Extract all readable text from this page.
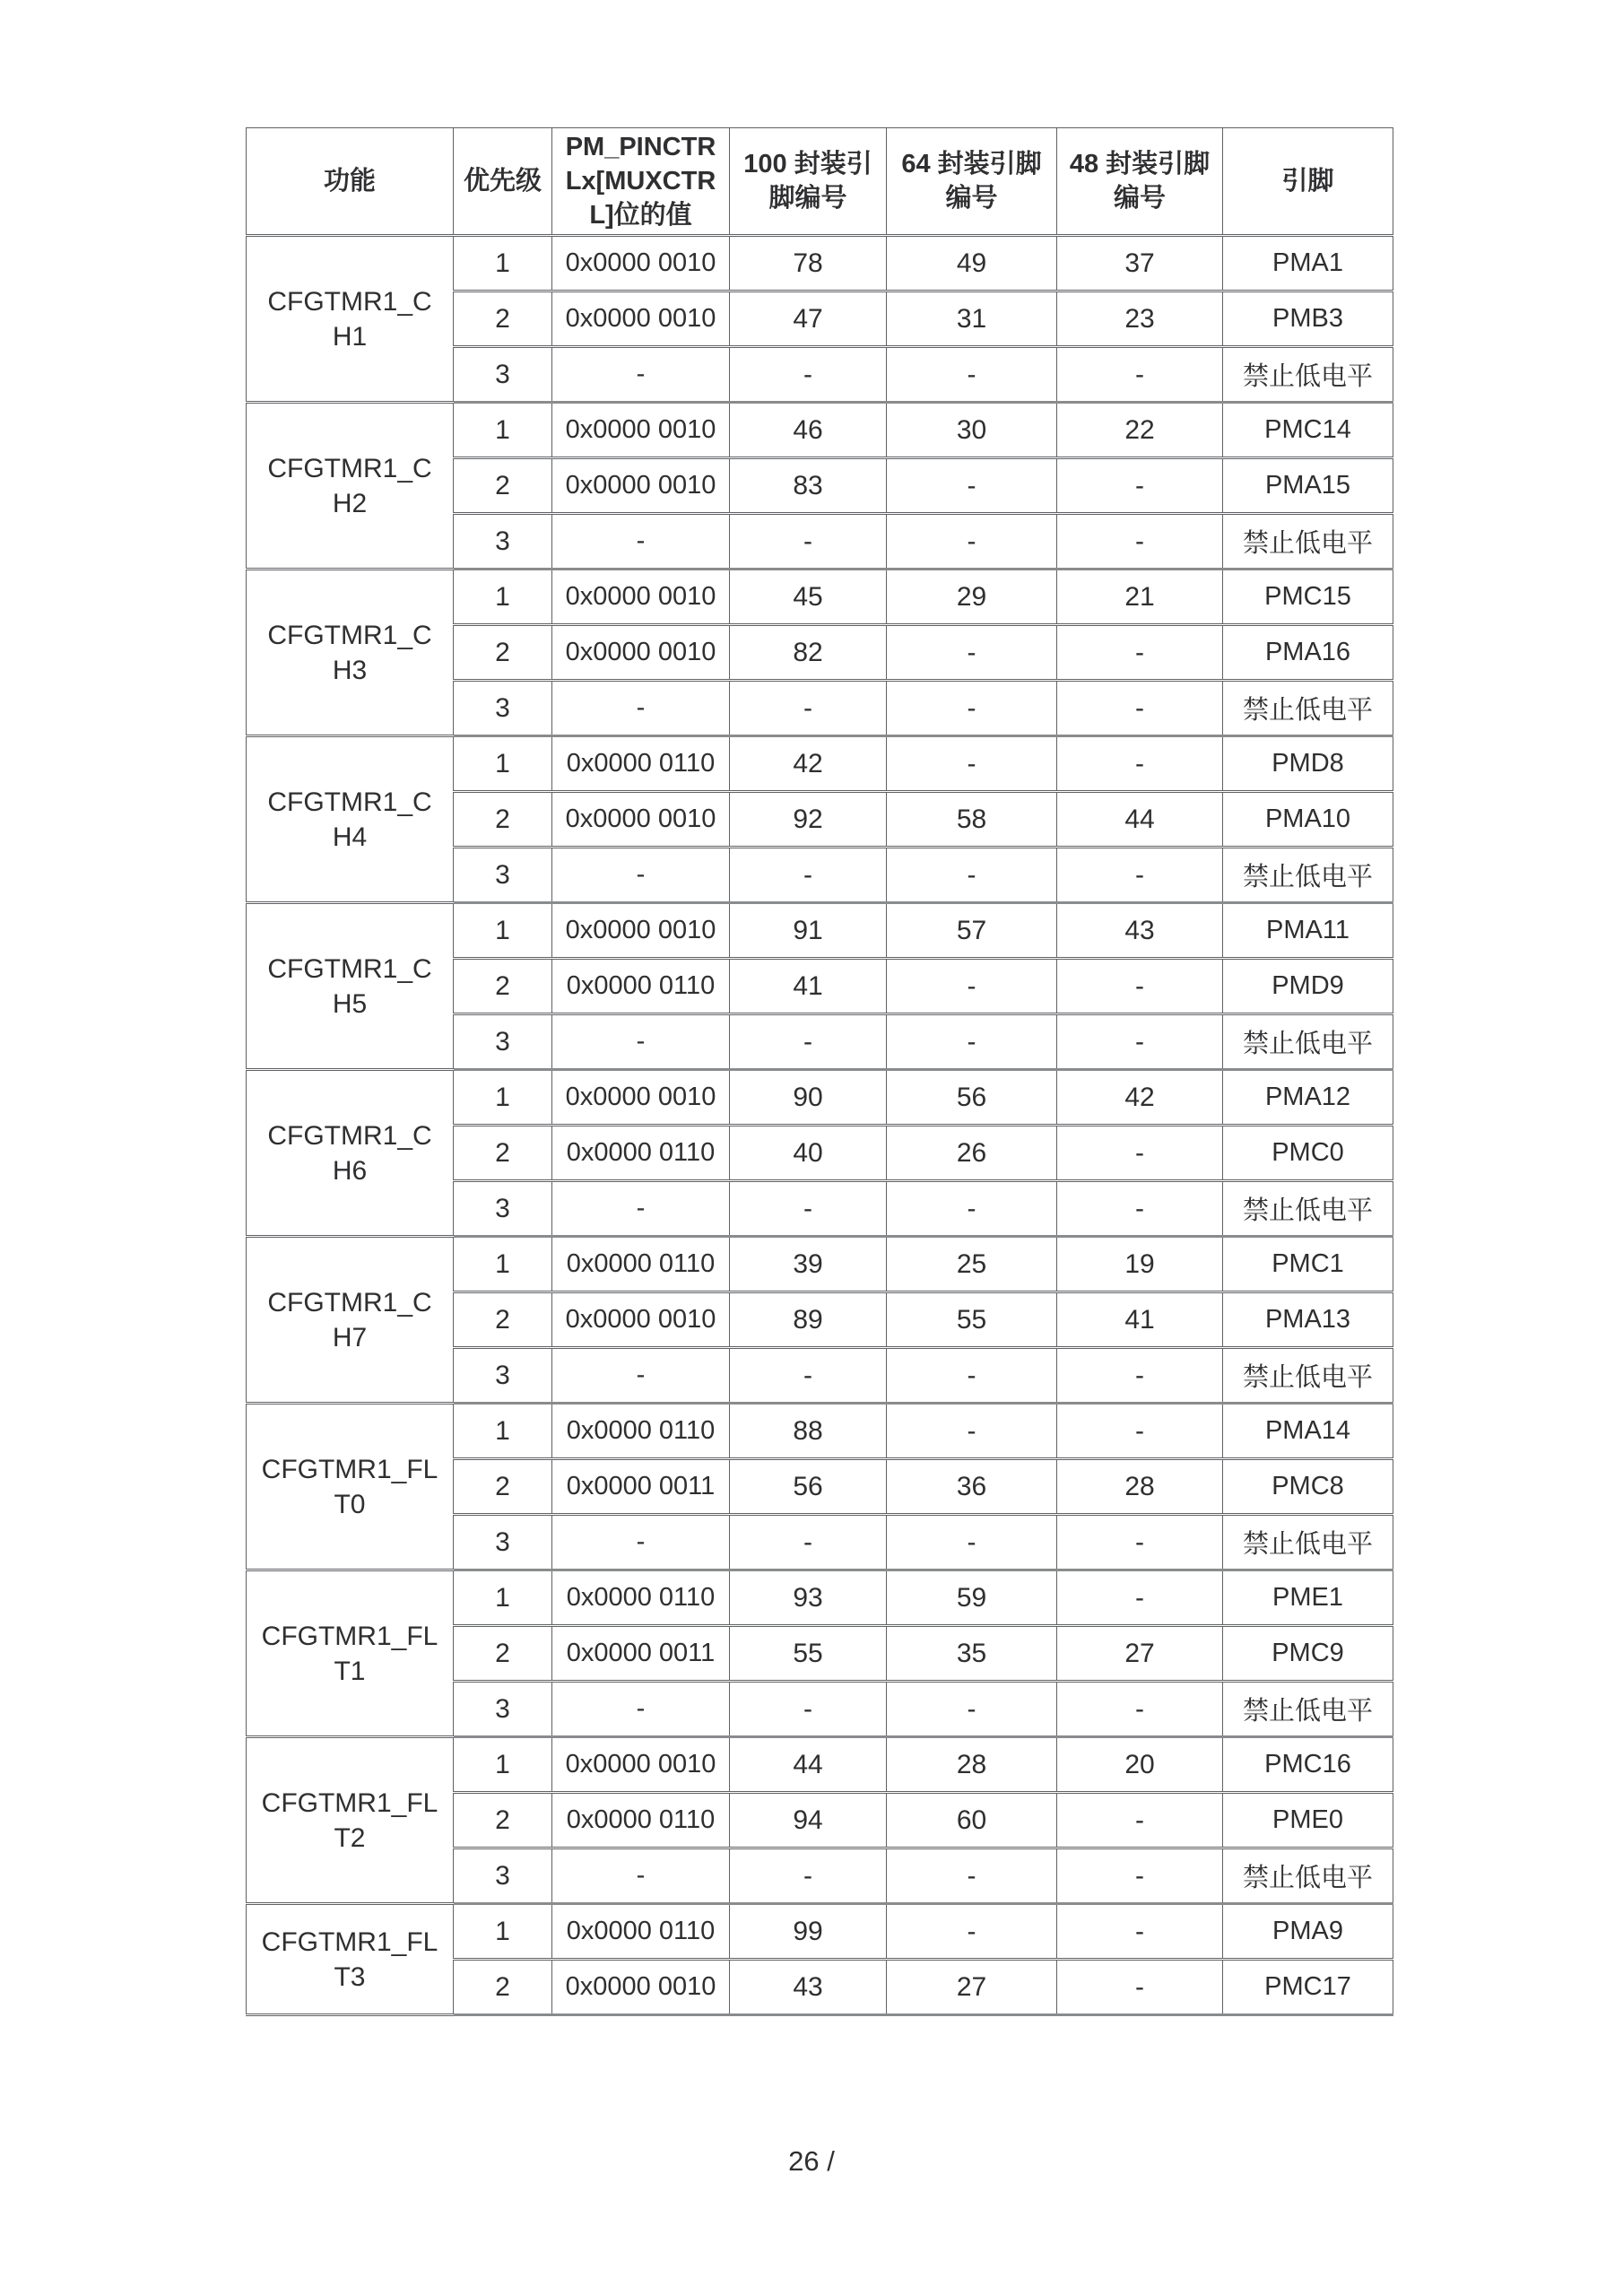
功能	优先级	PM_PINCTRLx[MUXCTRL]位的值	100 封装引脚编号	64 封装引脚编号	48 封装引脚编号	引脚
CFGTMR1_CH1	1	0x0000 0010	78	49	37	PMA1
	2	0x0000 0010	47	31	23	PMB3
	3	-	-	-	-	禁止低电平
CFGTMR1_CH2	1	0x0000 0010	46	30	22	PMC14
	2	0x0000 0010	83	-	-	PMA15
	3	-	-	-	-	禁止低电平
CFGTMR1_CH3	1	0x0000 0010	45	29	21	PMC15
	2	0x0000 0010	82	-	-	PMA16
	3	-	-	-	-	禁止低电平
CFGTMR1_CH4	1	0x0000 0110	42	-	-	PMD8
	2	0x0000 0010	92	58	44	PMA10
	3	-	-	-	-	禁止低电平
CFGTMR1_CH5	1	0x0000 0010	91	57	43	PMA11
	2	0x0000 0110	41	-	-	PMD9
	3	-	-	-	-	禁止低电平
CFGTMR1_CH6	1	0x0000 0010	90	56	42	PMA12
	2	0x0000 0110	40	26	-	PMC0
	3	-	-	-	-	禁止低电平
CFGTMR1_CH7	1	0x0000 0110	39	25	19	PMC1
	2	0x0000 0010	89	55	41	PMA13
	3	-	-	-	-	禁止低电平
CFGTMR1_FLT0	1	0x0000 0110	88	-	-	PMA14
	2	0x0000 0011	56	36	28	PMC8
	3	-	-	-	-	禁止低电平
CFGTMR1_FLT1	1	0x0000 0110	93	59	-	PME1
	2	0x0000 0011	55	35	27	PMC9
	3	-	-	-	-	禁止低电平
CFGTMR1_FLT2	1	0x0000 0010	44	28	20	PMC16
	2	0x0000 0110	94	60	-	PME0
	3	-	-	-	-	禁止低电平
CFGTMR1_FLT3	1	0x0000 0110	99	-	-	PMA9
	2	0x0000 0010	43	27	-	PMC17
26 /
